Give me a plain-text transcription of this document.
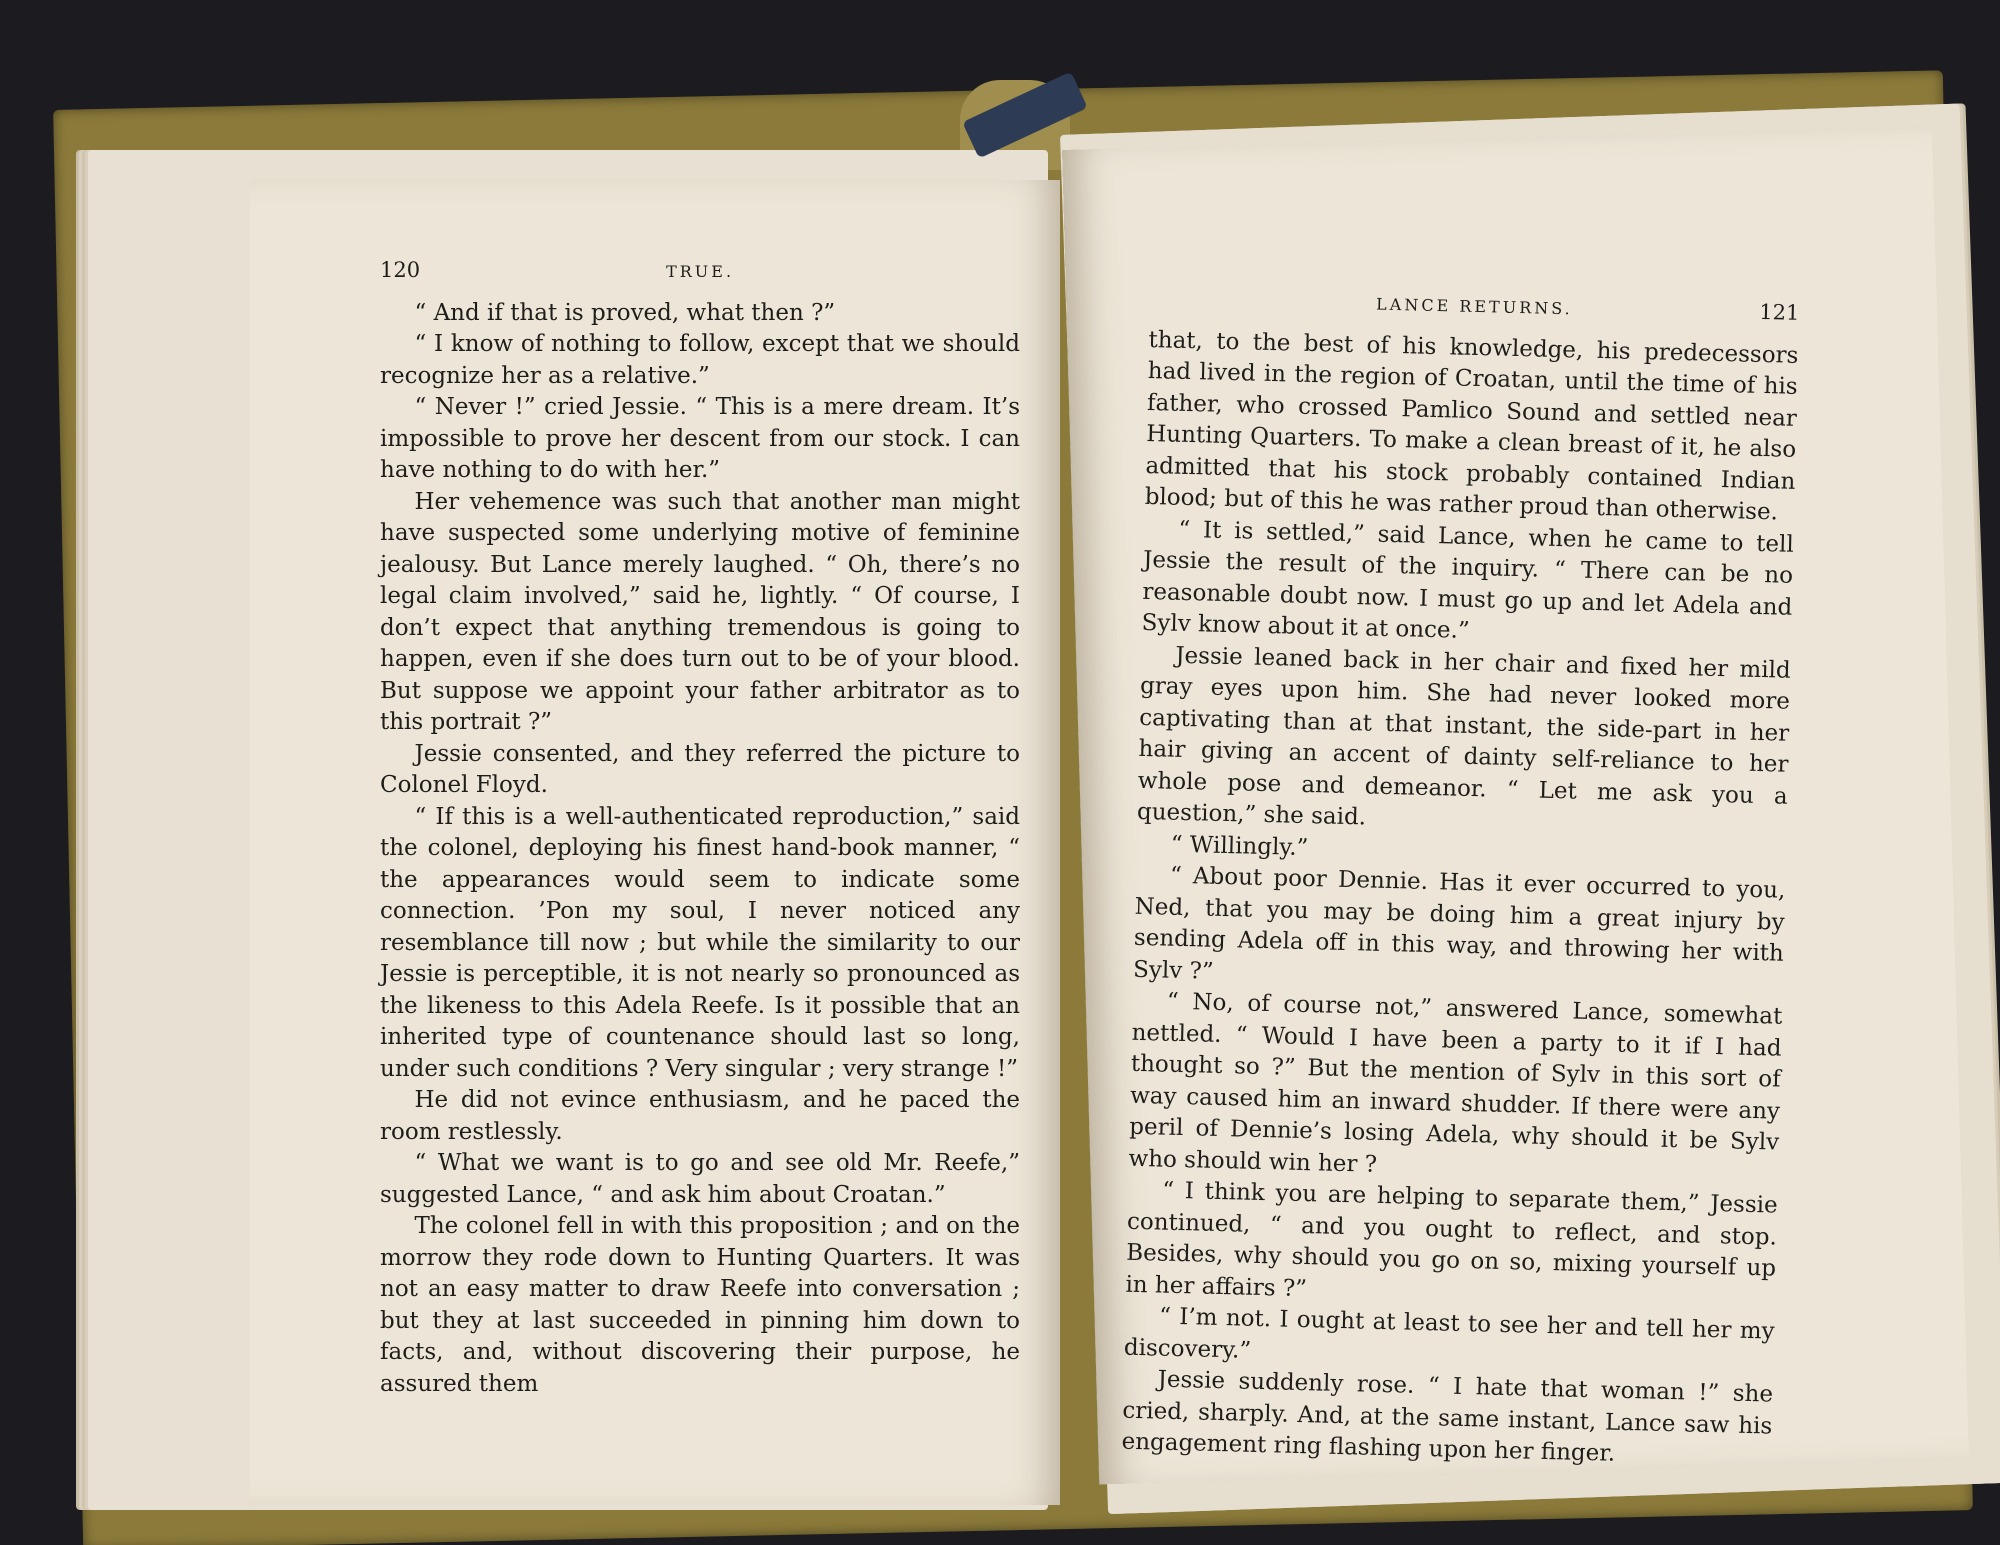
120	TRUE.

“ And if that is proved, what then ?”

“ I know of nothing to follow, except that we should recognize her as a relative.”

“ Never !” cried Jessie. “ This is a mere dream. It’s impossible to prove her descent from our stock. I can have nothing to do with her.”

Her vehemence was such that another man might have suspected some underlying motive of feminine jealousy. But Lance merely laughed. “ Oh, there’s no legal claim involved,” said he, lightly. “ Of course, I don’t expect that anything tremendous is going to happen, even if she does turn out to be of your blood. But suppose we appoint your father arbitrator as to this portrait ?”

Jessie consented, and they referred the picture to Colonel Floyd.

“ If this is a well-authenticated reproduction,” said the colonel, deploying his finest hand-book manner, “ the appearances would seem to indicate some connection. ’Pon my soul, I never noticed any resemblance till now ; but while the similarity to our Jessie is perceptible, it is not nearly so pronounced as the likeness to this Adela Reefe. Is it possible that an inherited type of countenance should last so long, under such conditions ? Very singular ; very strange !”

He did not evince enthusiasm, and he paced the room restlessly.

“ What we want is to go and see old Mr. Reefe,” suggested Lance, “ and ask him about Croatan.”

The colonel fell in with this proposition ; and on the morrow they rode down to Hunting Quarters. It was not an easy matter to draw Reefe into conversation ; but they at last succeeded in pinning him down to facts, and, without discovering their purpose, he assured them

LANCE RETURNS.	121

that, to the best of his knowledge, his predecessors had lived in the region of Croatan, until the time of his father, who crossed Pamlico Sound and settled near Hunting Quarters. To make a clean breast of it, he also admitted that his stock probably contained Indian blood; but of this he was rather proud than otherwise.

“ It is settled,” said Lance, when he came to tell Jessie the result of the inquiry. “ There can be no reasonable doubt now. I must go up and let Adela and Sylv know about it at once.”

Jessie leaned back in her chair and fixed her mild gray eyes upon him. She had never looked more captivating than at that instant, the side-part in her hair giving an accent of dainty self-reliance to her whole pose and demeanor. “ Let me ask you a question,” she said.

“ Willingly.”

“ About poor Dennie. Has it ever occurred to you, Ned, that you may be doing him a great injury by sending Adela off in this way, and throwing her with Sylv ?”

“ No, of course not,” answered Lance, somewhat nettled. “ Would I have been a party to it if I had thought so ?” But the mention of Sylv in this sort of way caused him an inward shudder. If there were any peril of Dennie’s losing Adela, why should it be Sylv who should win her ?

“ I think you are helping to separate them,” Jessie continued, “ and you ought to reflect, and stop. Besides, why should you go on so, mixing yourself up in her affairs ?”

“ I’m not. I ought at least to see her and tell her my discovery.”

Jessie suddenly rose. “ I hate that woman !” she cried, sharply. And, at the same instant, Lance saw his engagement ring flashing upon her finger.
